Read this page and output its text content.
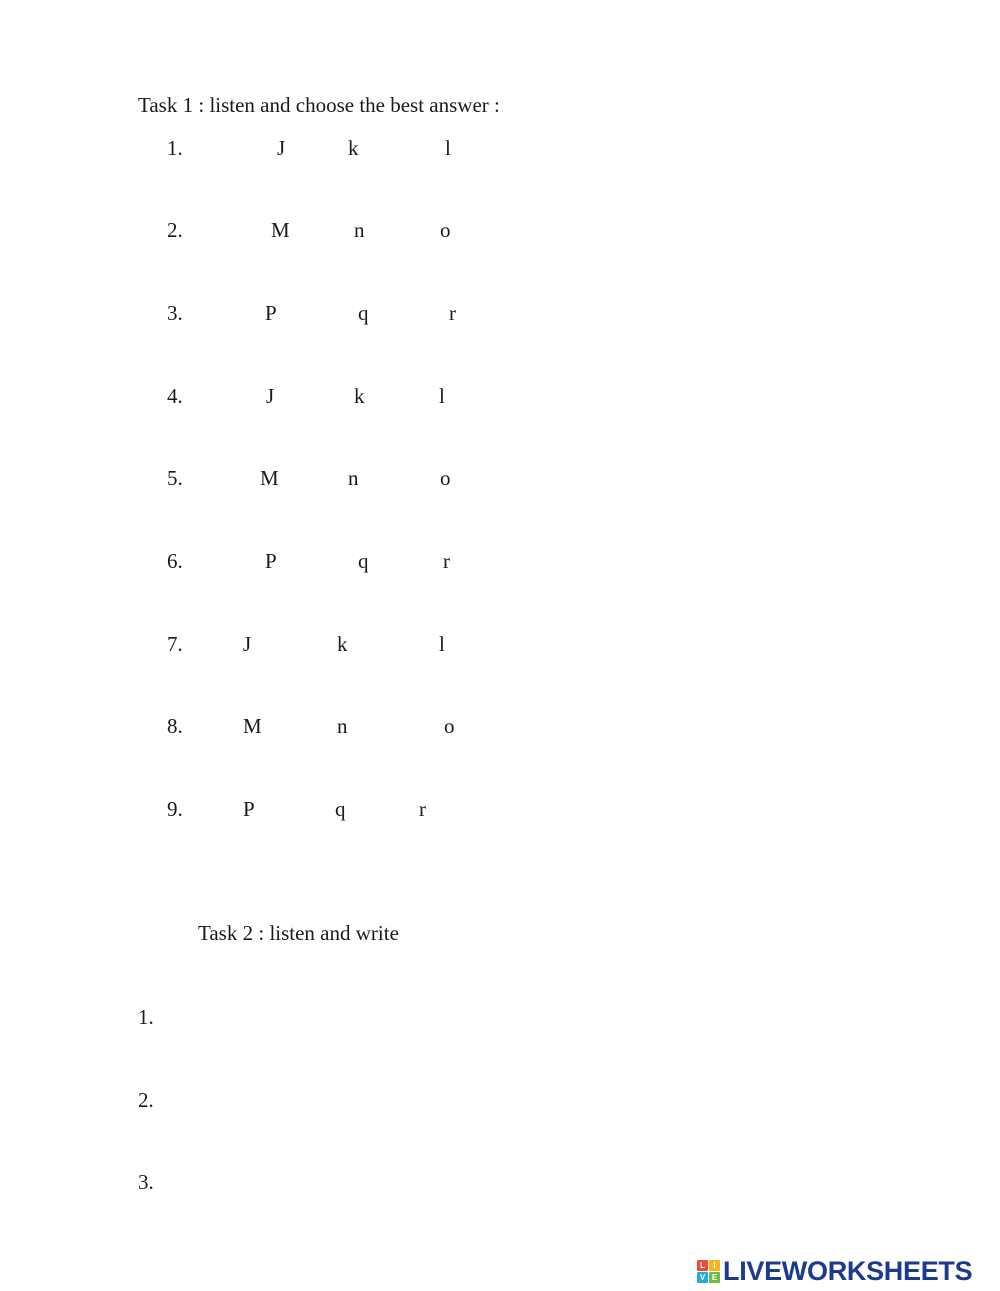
Task 1 : listen and choose the best answer :
1.	J	k	l
2.	M	n	o
3.	P	q	r
4.	J	k	l
5.	M	n	o
6.	P	q	r
7.	J	k	l
8.	M	n	o
9.	P	q	r
Task 2 : listen and write
1.
2.
3.
L	I
V E LIVEWORKSHEETS
